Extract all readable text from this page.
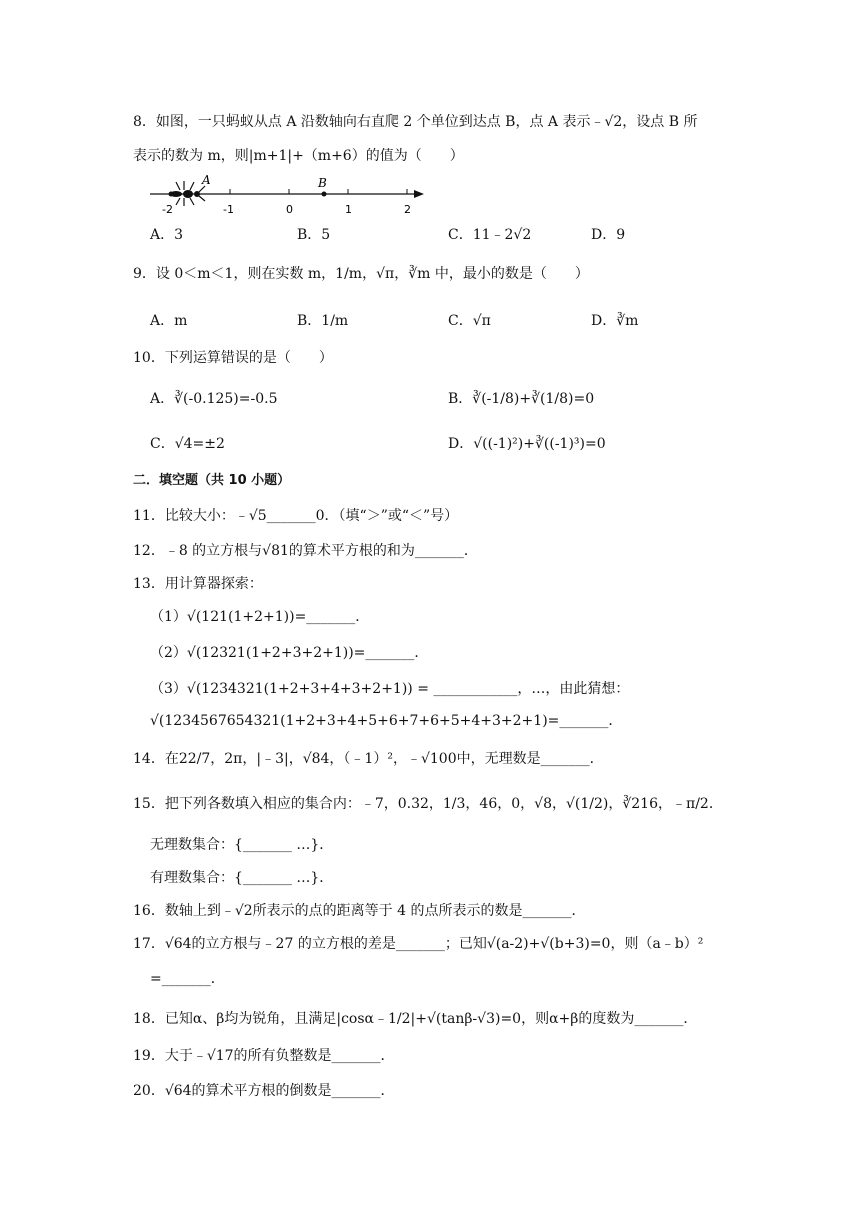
8．如图，一只蚂蚁从点 A 沿数轴向右直爬 2 个单位到达点 B，点 A 表示﹣√2，设点 B 所
表示的数为 m，则|m+1|+（m+6）的值为（　　）
A	B
-2	-1	0	1	2
A．3	B．5	C．11﹣2√2	D．9
9．设 0＜m＜1，则在实数 m，1/m，√π，∛m 中，最小的数是（　　）
A．m	B．1/m	C．√π	D．∛m
10．下列运算错误的是（　　）
A．∛(-0.125)=-0.5	B．∛(-1/8)+∛(1/8)=0
C．√4=±2	D．√((-1)²)+∛((-1)³)=0
二．填空题（共 10 小题）
11．比较大小：﹣√5_______0．（填“＞”或“＜”号）
12．﹣8 的立方根与√81的算术平方根的和为_______．
13．用计算器探索：
（1）√(121(1+2+1))=_______．
（2）√(12321(1+2+3+2+1))=_______．
（3）√(1234321(1+2+3+4+3+2+1)) = ____________，…，由此猜想：
√(1234567654321(1+2+3+4+5+6+7+6+5+4+3+2+1)=_______．
14．在22/7，2π，|﹣3|，√84，（﹣1）²，﹣√100中，无理数是_______．
15．把下列各数填入相应的集合内：﹣7，0.32，1/3，46，0，√8，√(1/2)，∛216，﹣π/2．
无理数集合：{_______ …}．
有理数集合：{_______ …}．
16．数轴上到﹣√2所表示的点的距离等于 4 的点所表示的数是_______．
17．√64的立方根与﹣27 的立方根的差是_______；已知√(a-2)+√(b+3)=0，则（a﹣b）²
=_______．
18．已知α、β均为锐角，且满足|cosα﹣1/2|+√(tanβ-√3)=0，则α+β的度数为_______．
19．大于﹣√17的所有负整数是_______．
20．√64的算术平方根的倒数是_______．
